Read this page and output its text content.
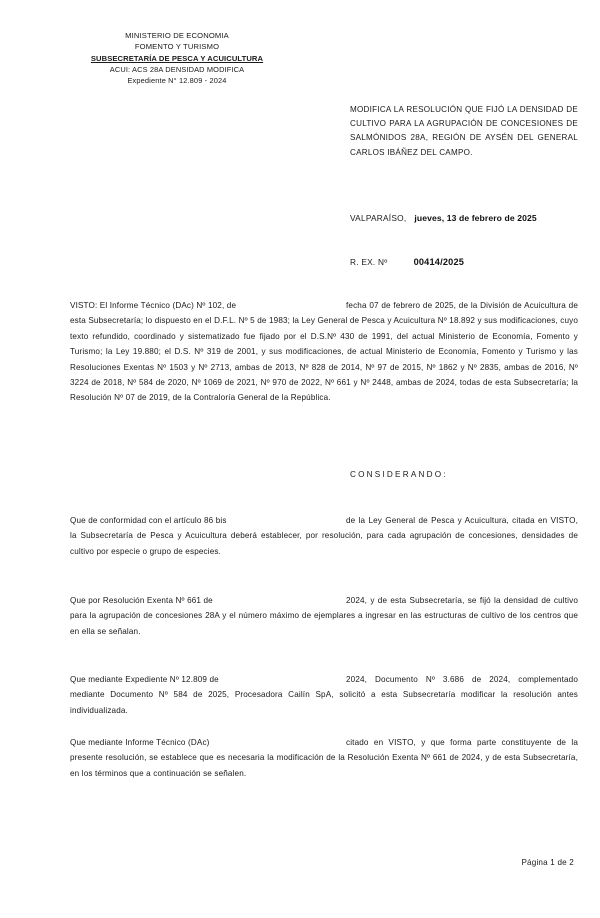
MINISTERIO DE ECONOMIA
FOMENTO Y TURISMO
SUBSECRETARÍA DE PESCA Y ACUICULTURA
ACUI: ACS 28A DENSIDAD MODIFICA
Expediente N° 12.809 - 2024
MODIFICA LA RESOLUCIÓN QUE FIJÓ LA DENSIDAD DE CULTIVO PARA LA AGRUPACIÓN DE CONCESIONES DE SALMÓNIDOS 28A, REGIÓN DE AYSÉN DEL GENERAL CARLOS IBÁÑEZ DEL CAMPO.
VALPARAÍSO, jueves, 13 de febrero de 2025
R. EX. Nº	00414/2025
VISTO: El Informe Técnico (DAc) Nº 102, de	fecha 07 de febrero de 2025, de la División de Acuicultura de esta Subsecretaría; lo dispuesto en el D.F.L. Nº 5 de 1983; la Ley General de Pesca y Acuicultura Nº 18.892 y sus modificaciones, cuyo texto refundido, coordinado y sistematizado fue fijado por el D.S.Nº 430 de 1991, del actual Ministerio de Economía, Fomento y Turismo; la Ley 19.880; el D.S. Nº 319 de 2001, y sus modificaciones, de actual Ministerio de Economía, Fomento y Turismo y las Resoluciones Exentas Nº 1503 y Nº 2713, ambas de 2013, Nº 828 de 2014, Nº 97 de 2015, Nº 1862 y Nº 2835, ambas de 2016, Nº 3224 de 2018, Nº 584 de 2020, Nº 1069 de 2021, Nº 970 de 2022, Nº 661 y Nº 2448, ambas de 2024, todas de esta Subsecretaría; la Resolución Nº 07 de 2019, de la Contraloría General de la República.
CONSIDERANDO:
Que de conformidad con el artículo 86 bis	de la Ley General de Pesca y Acuicultura, citada en VISTO, la Subsecretaría de Pesca y Acuicultura deberá establecer, por resolución, para cada agrupación de concesiones, densidades de cultivo por especie o grupo de especies.
Que por Resolución Exenta Nº 661 de	2024, y de esta Subsecretaría, se fijó la densidad de cultivo para la agrupación de concesiones 28A y el número máximo de ejemplares a ingresar en las estructuras de cultivo de los centros que en ella se señalan.
Que mediante Expediente Nº 12.809 de	2024, Documento Nº 3.686 de 2024, complementado mediante Documento Nº 584 de 2025, Procesadora Cailín SpA, solicitó a esta Subsecretaría modificar la resolución antes individualizada.
Que mediante Informe Técnico (DAc)	citado en VISTO, y que forma parte constituyente de la presente resolución, se establece que es necesaria la modificación de la Resolución Exenta Nº 661 de 2024, y de esta Subsecretaría, en los términos que a continuación se señalen.
Página 1 de 2
